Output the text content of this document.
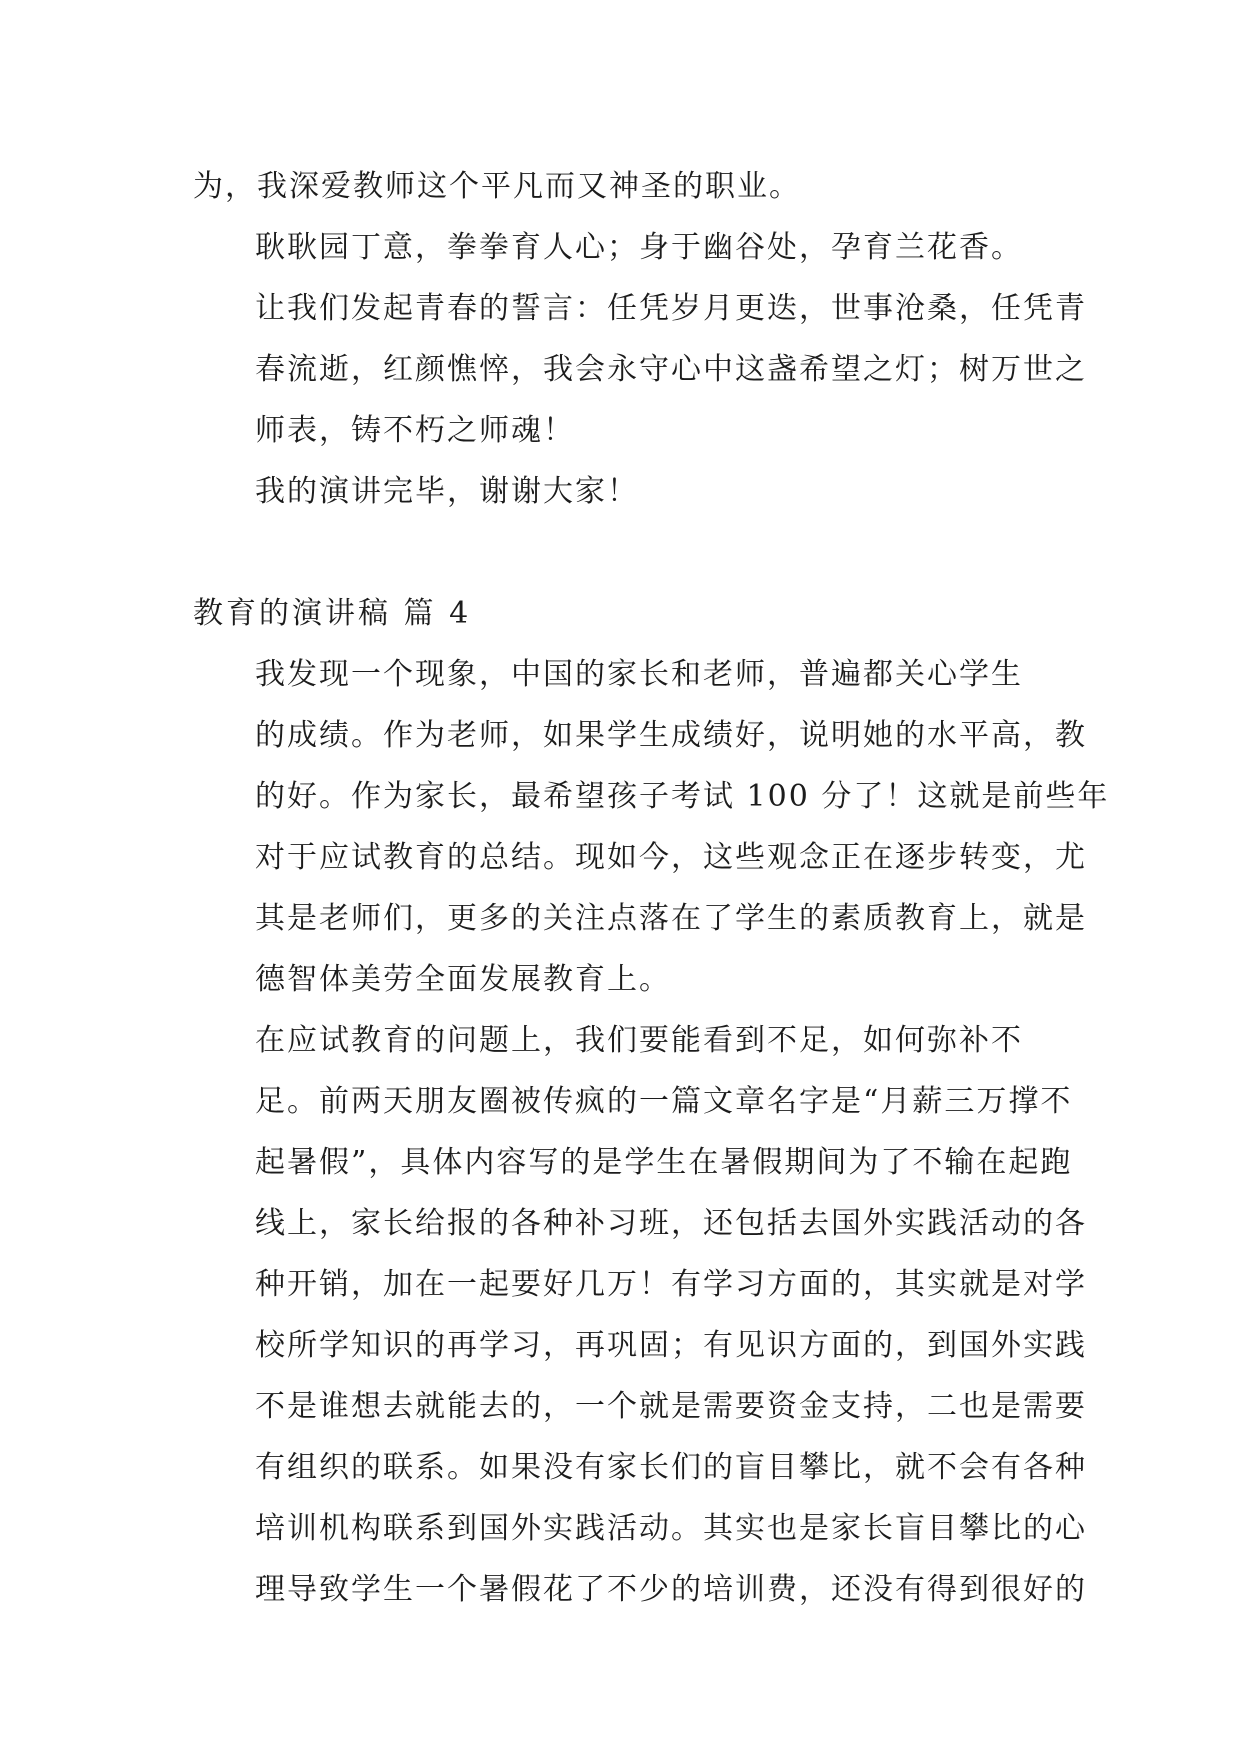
为，我深爱教师这个平凡而又神圣的职业。

耿耿园丁意，拳拳育人心；身于幽谷处，孕育兰花香。
让我们发起青春的誓言：任凭岁月更迭，世事沧桑，任凭青
春流逝，红颜憔悴，我会永守心中这盏希望之灯；树万世之
师表，铸不朽之师魂！

我的演讲完毕，谢谢大家！

教育的演讲稿 篇 4

我发现一个现象，中国的家长和老师，普遍都关心学生
的成绩。作为老师，如果学生成绩好，说明她的水平高，教
的好。作为家长，最希望孩子考试 100 分了！这就是前些年
对于应试教育的总结。现如今，这些观念正在逐步转变，尤
其是老师们，更多的关注点落在了学生的素质教育上，就是
德智体美劳全面发展教育上。

在应试教育的问题上，我们要能看到不足，如何弥补不
足。前两天朋友圈被传疯的一篇文章名字是“月薪三万撑不
起暑假”，具体内容写的是学生在暑假期间为了不输在起跑
线上，家长给报的各种补习班，还包括去国外实践活动的各
种开销，加在一起要好几万！有学习方面的，其实就是对学
校所学知识的再学习，再巩固；有见识方面的，到国外实践
不是谁想去就能去的，一个就是需要资金支持，二也是需要
有组织的联系。如果没有家长们的盲目攀比，就不会有各种
培训机构联系到国外实践活动。其实也是家长盲目攀比的心
理导致学生一个暑假花了不少的培训费，还没有得到很好的
